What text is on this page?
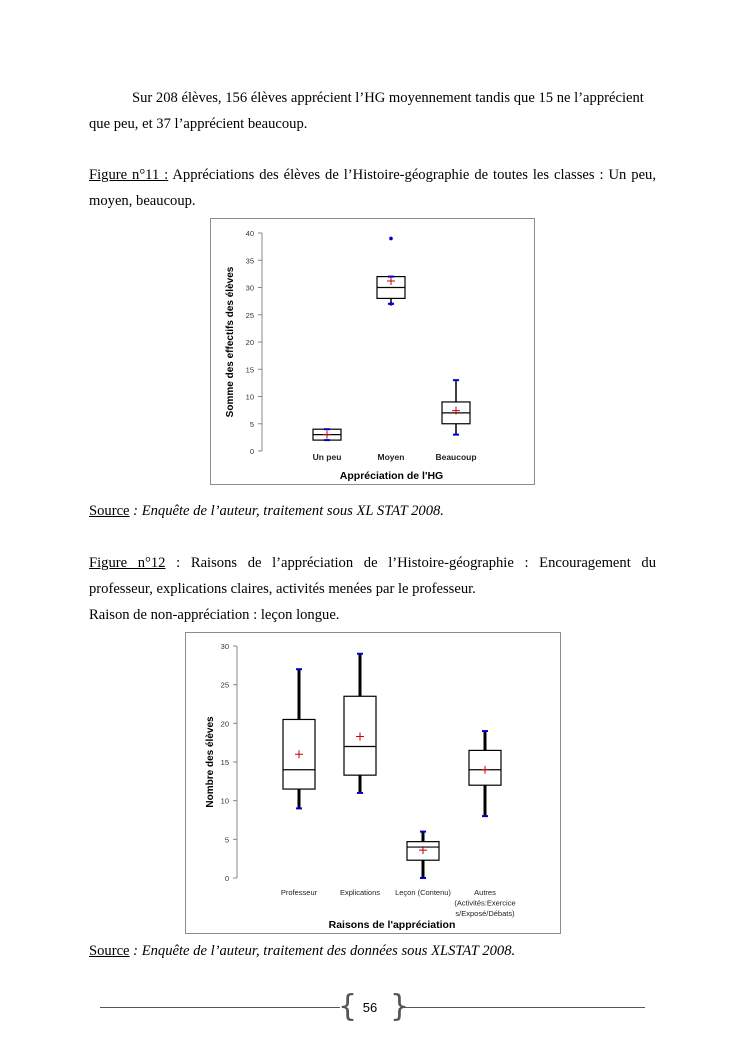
Sur 208 élèves, 156 élèves apprécient l’HG moyennement tandis que 15 ne l’apprécient
que peu, et 37 l’apprécient beaucoup.
Figure n°11 : Appréciations des élèves de l’Histoire-géographie de toutes les classes : Un peu,
moyen, beaucoup.
0
5
10
15
20
25
30
35
40
Somme des effectifs des élèves
Appréciation de l'HG
Un peu	Moyen	Beaucoup
Source : Enquête de l’auteur, traitement sous XL STAT 2008.
Figure n°12 : Raisons de l’appréciation de l’Histoire-géographie : Encouragement du
professeur, explications claires, activités menées par le professeur.
Raison de non-appréciation : leçon longue.
0
5
10
15
20
25
30
Nombre des élèves
Raisons de l'appréciation
Professeur	Explications Leçon (Contenu)	Autres
(Activités:Exercice
s/Exposé/Débats)
Source : Enquête de l’auteur, traitement des données sous XLSTAT 2008.
{ }
56
